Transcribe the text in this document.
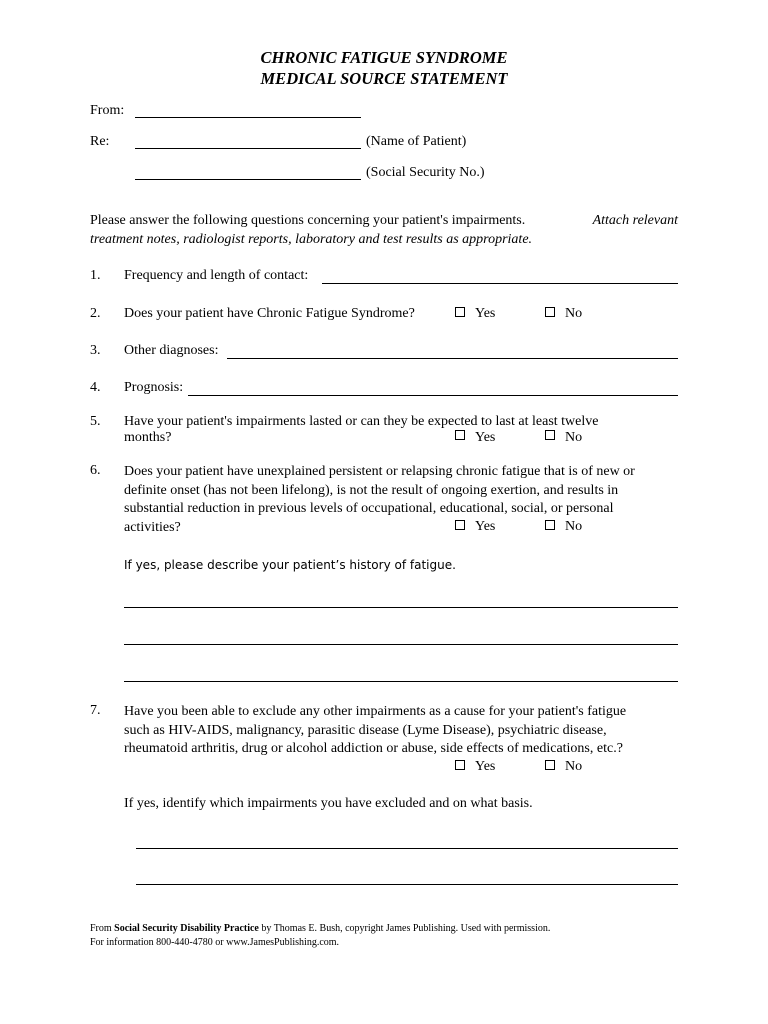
CHRONIC FATIGUE SYNDROME
MEDICAL SOURCE STATEMENT
From:
Re:	(Name of Patient)
(Social Security No.)
Please answer the following questions concerning your patient's impairments.	Attach relevant
treatment notes, radiologist reports, laboratory and test results as appropriate.
1. Frequency and length of contact:
2. Does your patient have Chronic Fatigue Syndrome?	Yes	No
3. Other diagnoses:
4. Prognosis:
5. Have your patient's impairments lasted or can they be expected to last at least twelve
months?	Yes	No
6. Does your patient have unexplained persistent or relapsing chronic fatigue that is of new or
definite onset (has not been lifelong), is not the result of ongoing exertion, and results in
substantial reduction in previous levels of occupational, educational, social, or personal
activities?	Yes	No
If yes, please describe your patient’s history of fatigue.
7. Have you been able to exclude any other impairments as a cause for your patient's fatigue
such as HIV-AIDS, malignancy, parasitic disease (Lyme Disease), psychiatric disease,
rheumatoid arthritis, drug or alcohol addiction or abuse, side effects of medications, etc.?
Yes	No
If yes, identify which impairments you have excluded and on what basis.
From Social Security Disability Practice by Thomas E. Bush, copyright James Publishing. Used with permission.
For information 800-440-4780 or www.JamesPublishing.com.
